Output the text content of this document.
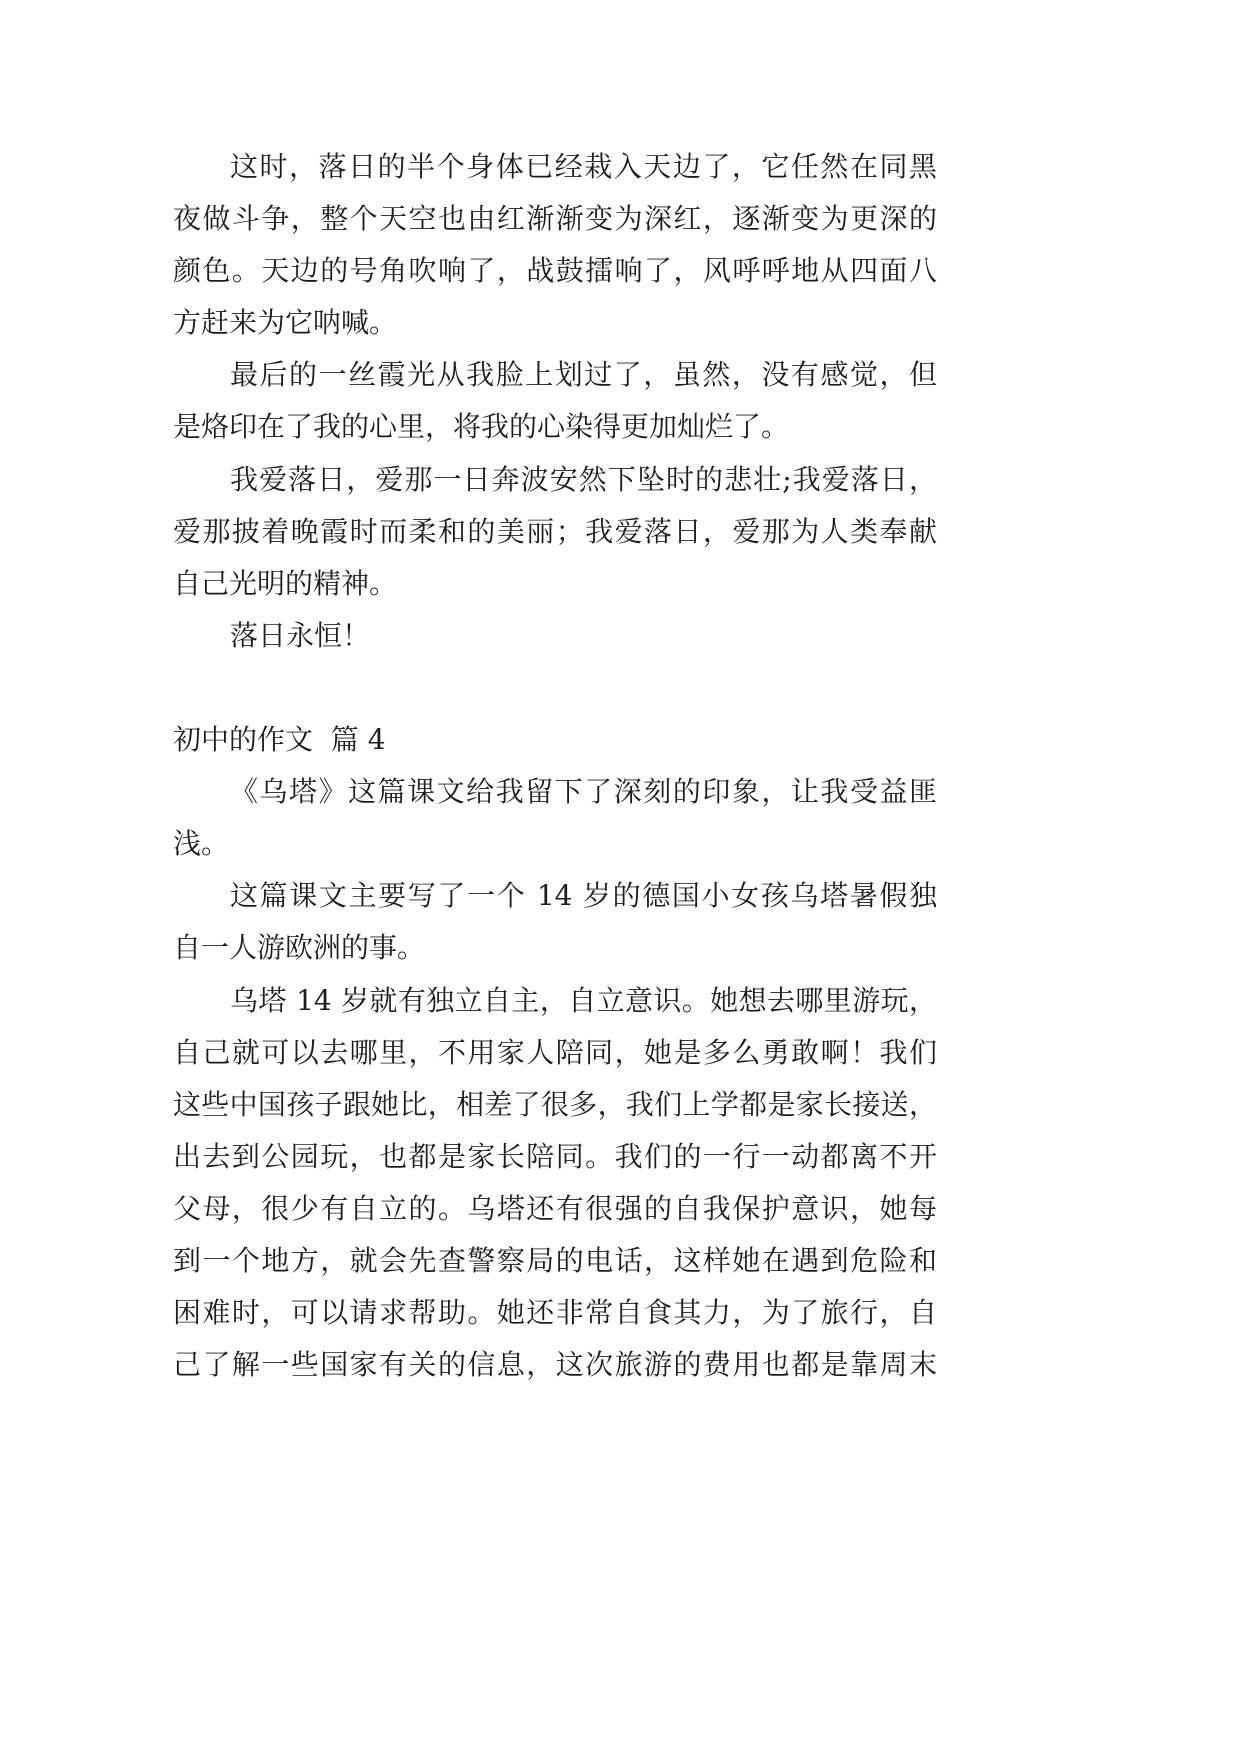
这时，落日的半个身体已经栽入天边了，它任然在同黑
夜做斗争，整个天空也由红渐渐变为深红，逐渐变为更深的
颜色。天边的号角吹响了，战鼓擂响了，风呼呼地从四面八
方赶来为它呐喊。
最后的一丝霞光从我脸上划过了，虽然，没有感觉，但
是烙印在了我的心里，将我的心染得更加灿烂了。
我爱落日，爱那一日奔波安然下坠时的悲壮;我爱落日，
爱那披着晚霞时而柔和的美丽；我爱落日，爱那为人类奉献
自己光明的精神。
落日永恒！
初中的作文  篇 4
《乌塔》这篇课文给我留下了深刻的印象，让我受益匪
浅。
这篇课文主要写了一个 14 岁的德国小女孩乌塔暑假独
自一人游欧洲的事。
乌塔 14 岁就有独立自主，自立意识。她想去哪里游玩，
自己就可以去哪里，不用家人陪同，她是多么勇敢啊！我们
这些中国孩子跟她比，相差了很多，我们上学都是家长接送，
出去到公园玩，也都是家长陪同。我们的一行一动都离不开
父母，很少有自立的。乌塔还有很强的自我保护意识，她每
到一个地方，就会先查警察局的电话，这样她在遇到危险和
困难时，可以请求帮助。她还非常自食其力，为了旅行，自
己了解一些国家有关的信息，这次旅游的费用也都是靠周末
